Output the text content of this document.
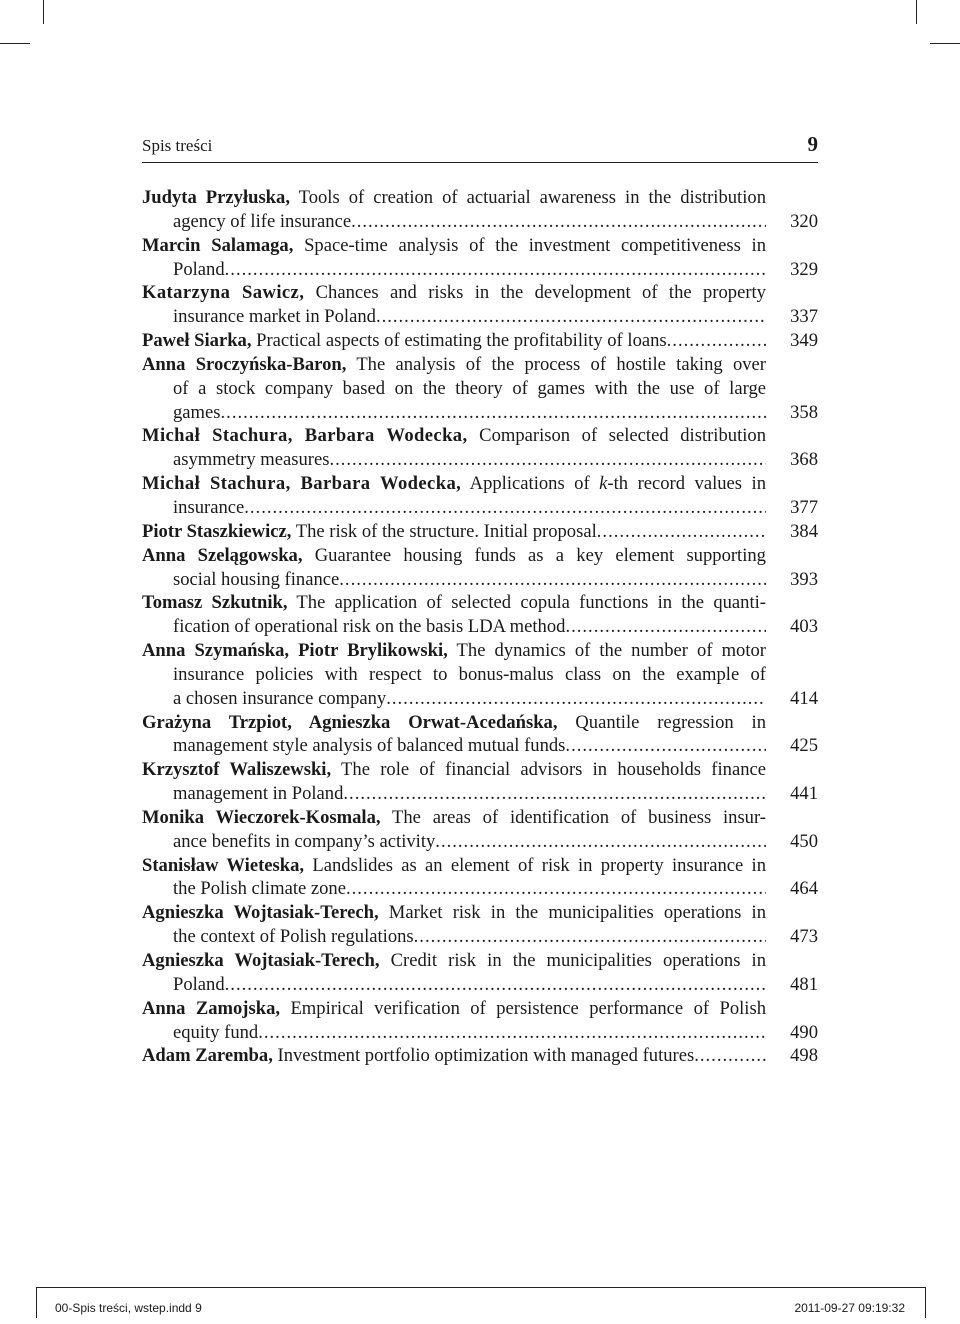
Spis treści	9
Judyta Przyłuska, Tools of creation of actuarial awareness in the distribution
agency of life insurance .....	320
Marcin Salamaga, Space-time analysis of the investment competitiveness in
Poland .....	329
Katarzyna Sawicz, Chances and risks in the development of the property
insurance market in Poland .....	337
Paweł Siarka, Practical aspects of estimating the profitability of loans .....	349
Anna Sroczyńska-Baron, The analysis of the process of hostile taking over
of a stock company based on the theory of games with the use of large
games .....	358
Michał Stachura, Barbara Wodecka, Comparison of selected distribution
asymmetry measures .....	368
Michał Stachura, Barbara Wodecka, Applications of k-th record values in
insurance .....	377
Piotr Staszkiewicz, The risk of the structure. Initial proposal .....	384
Anna Szelągowska, Guarantee housing funds as a key element supporting
social housing finance .....	393
Tomasz Szkutnik, The application of selected copula functions in the quanti-
fication of operational risk on the basis LDA method .....	403
Anna Szymańska, Piotr Brylikowski, The dynamics of the number of motor
insurance policies with respect to bonus-malus class on the example of
a chosen insurance company .....	414
Grażyna Trzpiot, Agnieszka Orwat-Acedańska, Quantile regression in
management style analysis of balanced mutual funds .....	425
Krzysztof Waliszewski, The role of financial advisors in households finance
management in Poland .....	441
Monika Wieczorek-Kosmala, The areas of identification of business insur-
ance benefits in company’s activity .....	450
Stanisław Wieteska, Landslides as an element of risk in property insurance in
the Polish climate zone .....	464
Agnieszka Wojtasiak-Terech, Market risk in the municipalities operations in
the context of Polish regulations .....	473
Agnieszka Wojtasiak-Terech, Credit risk in the municipalities operations in
Poland .....	481
Anna Zamojska, Empirical verification of persistence performance of Polish
equity fund .....	490
Adam Zaremba, Investment portfolio optimization with managed futures .....	498
00-Spis treści, wstep.indd 9	2011-09-27 09:19:32
